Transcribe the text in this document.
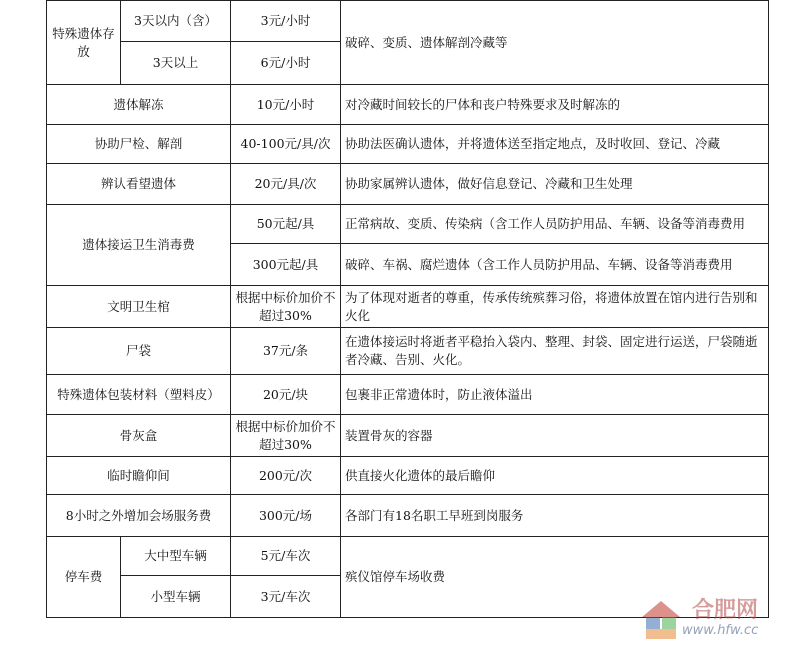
特殊遗体存放	3天以内（含）	3元/小时	破碎、变质、遗体解剖冷藏等
	3天以上	6元/小时	
遗体解冻		10元/小时	对冷藏时间较长的尸体和丧户特殊要求及时解冻的
协助尸检、解剖		40-100元/具/次	协助法医确认遗体，并将遗体送至指定地点，及时收回、登记、冷藏
辨认看望遗体		20元/具/次	协助家属辨认遗体，做好信息登记、冷藏和卫生处理
遗体接运卫生消毒费		50元起/具	正常病故、变质、传染病（含工作人员防护用品、车辆、设备等消毒费用
		300元起/具	破碎、车祸、腐烂遗体（含工作人员防护用品、车辆、设备等消毒费用
文明卫生棺		根据中标价加价不超过30%	为了体现对逝者的尊重，传承传统殡葬习俗，将遗体放置在馆内进行告别和火化
尸袋		37元/条	在遗体接运时将逝者平稳抬入袋内、整理、封袋、固定进行运送，尸袋随逝者冷藏、告别、火化。
特殊遗体包装材料（塑料皮）		20元/块	包裹非正常遗体时，防止液体溢出
骨灰盒		根据中标价加价不超过30%	装置骨灰的容器
临时瞻仰间		200元/次	供直接火化遗体的最后瞻仰
8小时之外增加会场服务费		300元/场	各部门有18名职工早班到岗服务
停车费	大中型车辆	5元/车次	殡仪馆停车场收费
	小型车辆	3元/车次	
合肥网
www.hfw.cc
